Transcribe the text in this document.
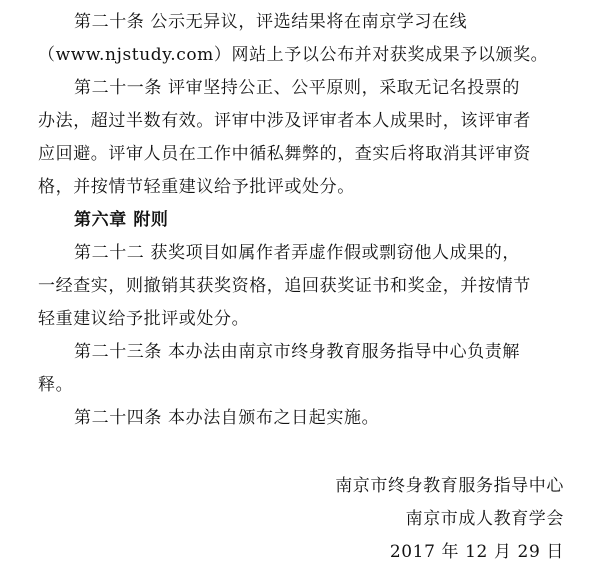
第二十条 公示无异议，评选结果将在南京学习在线
（www.njstudy.com）网站上予以公布并对获奖成果予以颁奖。
第二十一条 评审坚持公正、公平原则，采取无记名投票的
办法，超过半数有效。评审中涉及评审者本人成果时，该评审者
应回避。评审人员在工作中循私舞弊的，查实后将取消其评审资
格，并按情节轻重建议给予批评或处分。
第六章 附则
第二十二 获奖项目如属作者弄虚作假或剽窃他人成果的，
一经查实，则撤销其获奖资格，追回获奖证书和奖金，并按情节
轻重建议给予批评或处分。
第二十三条 本办法由南京市终身教育服务指导中心负责解
释。
第二十四条 本办法自颁布之日起实施。
南京市终身教育服务指导中心
南京市成人教育学会
2017 年 12 月 29 日
